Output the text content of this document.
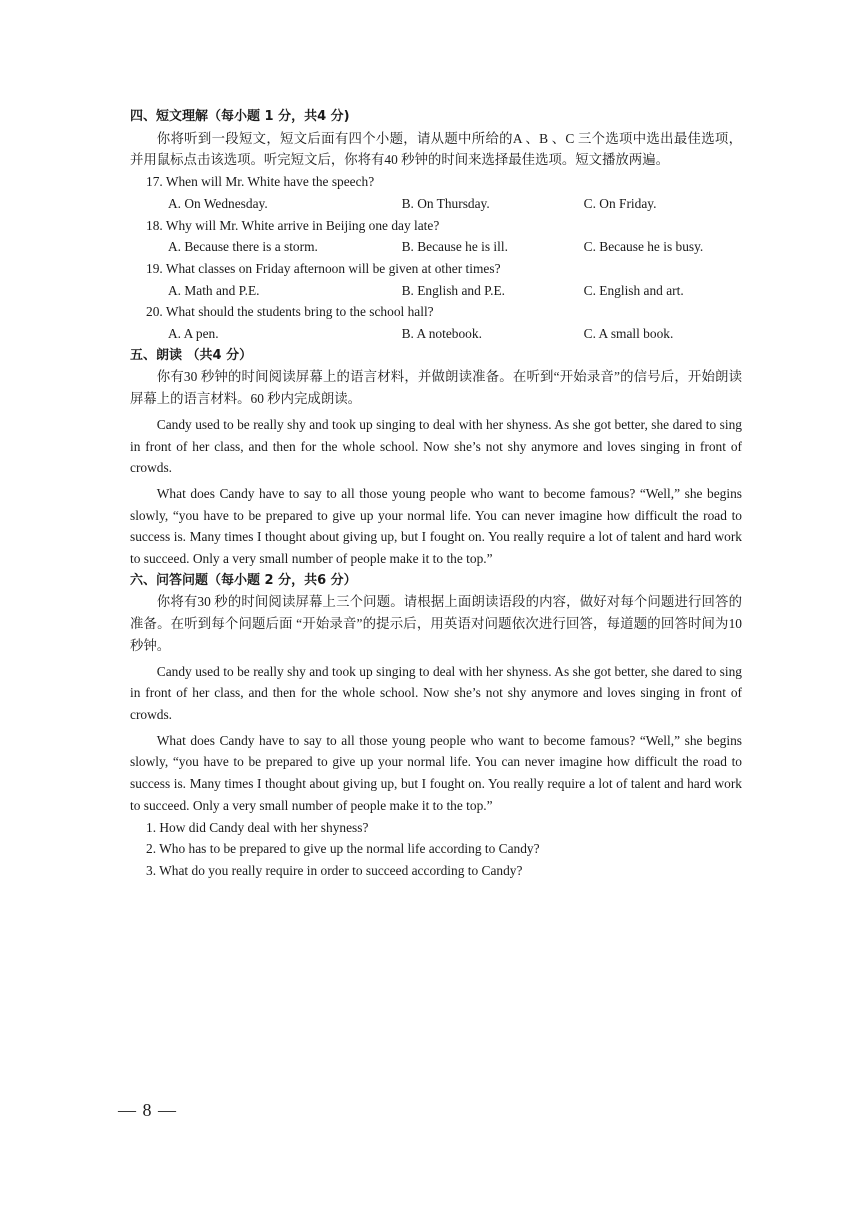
四、短文理解（每小题 1 分，共4 分)
你将听到一段短文，短文后面有四个小题，请从题中所给的A 、B 、C 三个选项中选出最佳选项，并用鼠标点击该选项。听完短文后，你将有40 秒钟的时间来选择最佳选项。短文播放两遍。
17. When will Mr. White have the speech?
A. On Wednesday.	B. On Thursday.	C. On Friday.
18. Why will Mr. White arrive in Beijing one day late?
A. Because there is a storm.	B. Because he is ill.	C. Because he is busy.
19. What classes on Friday afternoon will be given at other times?
A. Math and P.E.	B. English and P.E.	C. English and art.
20. What should the students bring to the school hall?
A. A pen.	B. A notebook.	C. A small book.
五、朗读 （共4 分）
你有30 秒钟的时间阅读屏幕上的语言材料，并做朗读准备。在听到“开始录音”的信号后，开始朗读屏幕上的语言材料。60 秒内完成朗读。
Candy used to be really shy and took up singing to deal with her shyness. As she got better, she dared to sing in front of her class, and then for the whole school. Now she’s not shy anymore and loves singing in front of crowds.
What does Candy have to say to all those young people who want to become famous? “Well,” she begins slowly, “you have to be prepared to give up your normal life. You can never imagine how difficult the road to success is. Many times I thought about giving up, but I fought on. You really require a lot of talent and hard work to succeed. Only a very small number of people make it to the top.”
六、问答问题（每小题 2 分，共6 分）
你将有30 秒的时间阅读屏幕上三个问题。请根据上面朗读语段的内容，做好对每个问题进行回答的准备。在听到每个问题后面 “开始录音”的提示后，用英语对问题依次进行回答，每道题的回答时间为10 秒钟。
Candy used to be really shy and took up singing to deal with her shyness. As she got better, she dared to sing in front of her class, and then for the whole school. Now she’s not shy anymore and loves singing in front of crowds.
What does Candy have to say to all those young people who want to become famous? “Well,” she begins slowly, “you have to be prepared to give up your normal life. You can never imagine how difficult the road to success is. Many times I thought about giving up, but I fought on. You really require a lot of talent and hard work to succeed. Only a very small number of people make it to the top.”
1. How did Candy deal with her shyness?
2. Who has to be prepared to give up the normal life according to Candy?
3. What do you really require in order to succeed according to Candy?
— 8 —
